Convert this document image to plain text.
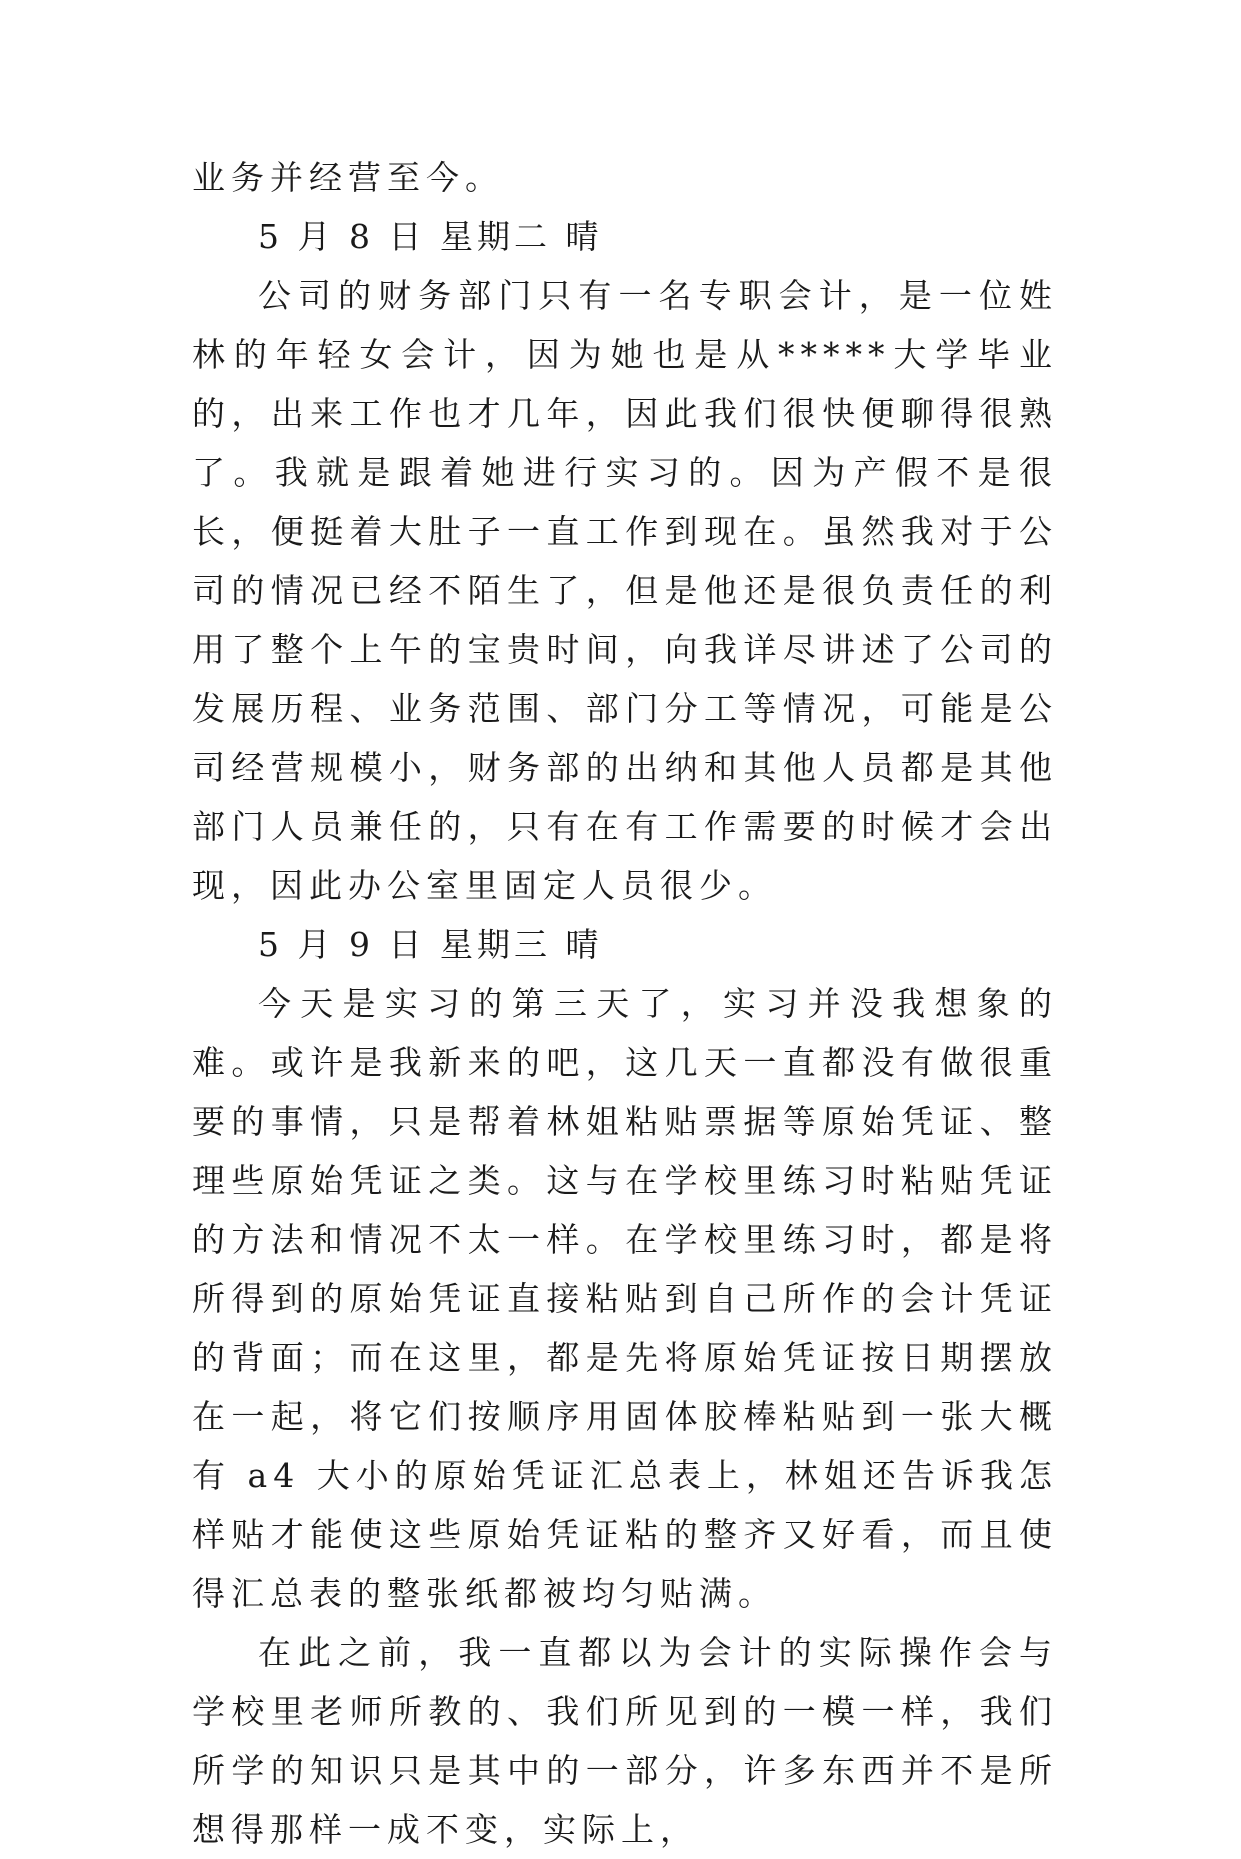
业务并经营至今。

5 月 8 日 星期二 晴

公司的财务部门只有一名专职会计，是一位姓林的年轻女会计，因为她也是从*****大学毕业的，出来工作也才几年，因此我们很快便聊得很熟了。我就是跟着她进行实习的。因为产假不是很长，便挺着大肚子一直工作到现在。虽然我对于公司的情况已经不陌生了，但是他还是很负责任的利用了整个上午的宝贵时间，向我详尽讲述了公司的发展历程、业务范围、部门分工等情况，可能是公司经营规模小，财务部的出纳和其他人员都是其他部门人员兼任的，只有在有工作需要的时候才会出现，因此办公室里固定人员很少。

5 月 9 日 星期三 晴

今天是实习的第三天了，实习并没我想象的难。或许是我新来的吧，这几天一直都没有做很重要的事情，只是帮着林姐粘贴票据等原始凭证、整理些原始凭证之类。这与在学校里练习时粘贴凭证的方法和情况不太一样。在学校里练习时，都是将所得到的原始凭证直接粘贴到自己所作的会计凭证的背面；而在这里，都是先将原始凭证按日期摆放在一起，将它们按顺序用固体胶棒粘贴到一张大概有 a4 大小的原始凭证汇总表上，林姐还告诉我怎样贴才能使这些原始凭证粘的整齐又好看，而且使得汇总表的整张纸都被均匀贴满。

在此之前，我一直都以为会计的实际操作会与学校里老师所教的、我们所见到的一模一样，我们所学的知识只是其中的一部分，许多东西并不是所想得那样一成不变，实际上，
